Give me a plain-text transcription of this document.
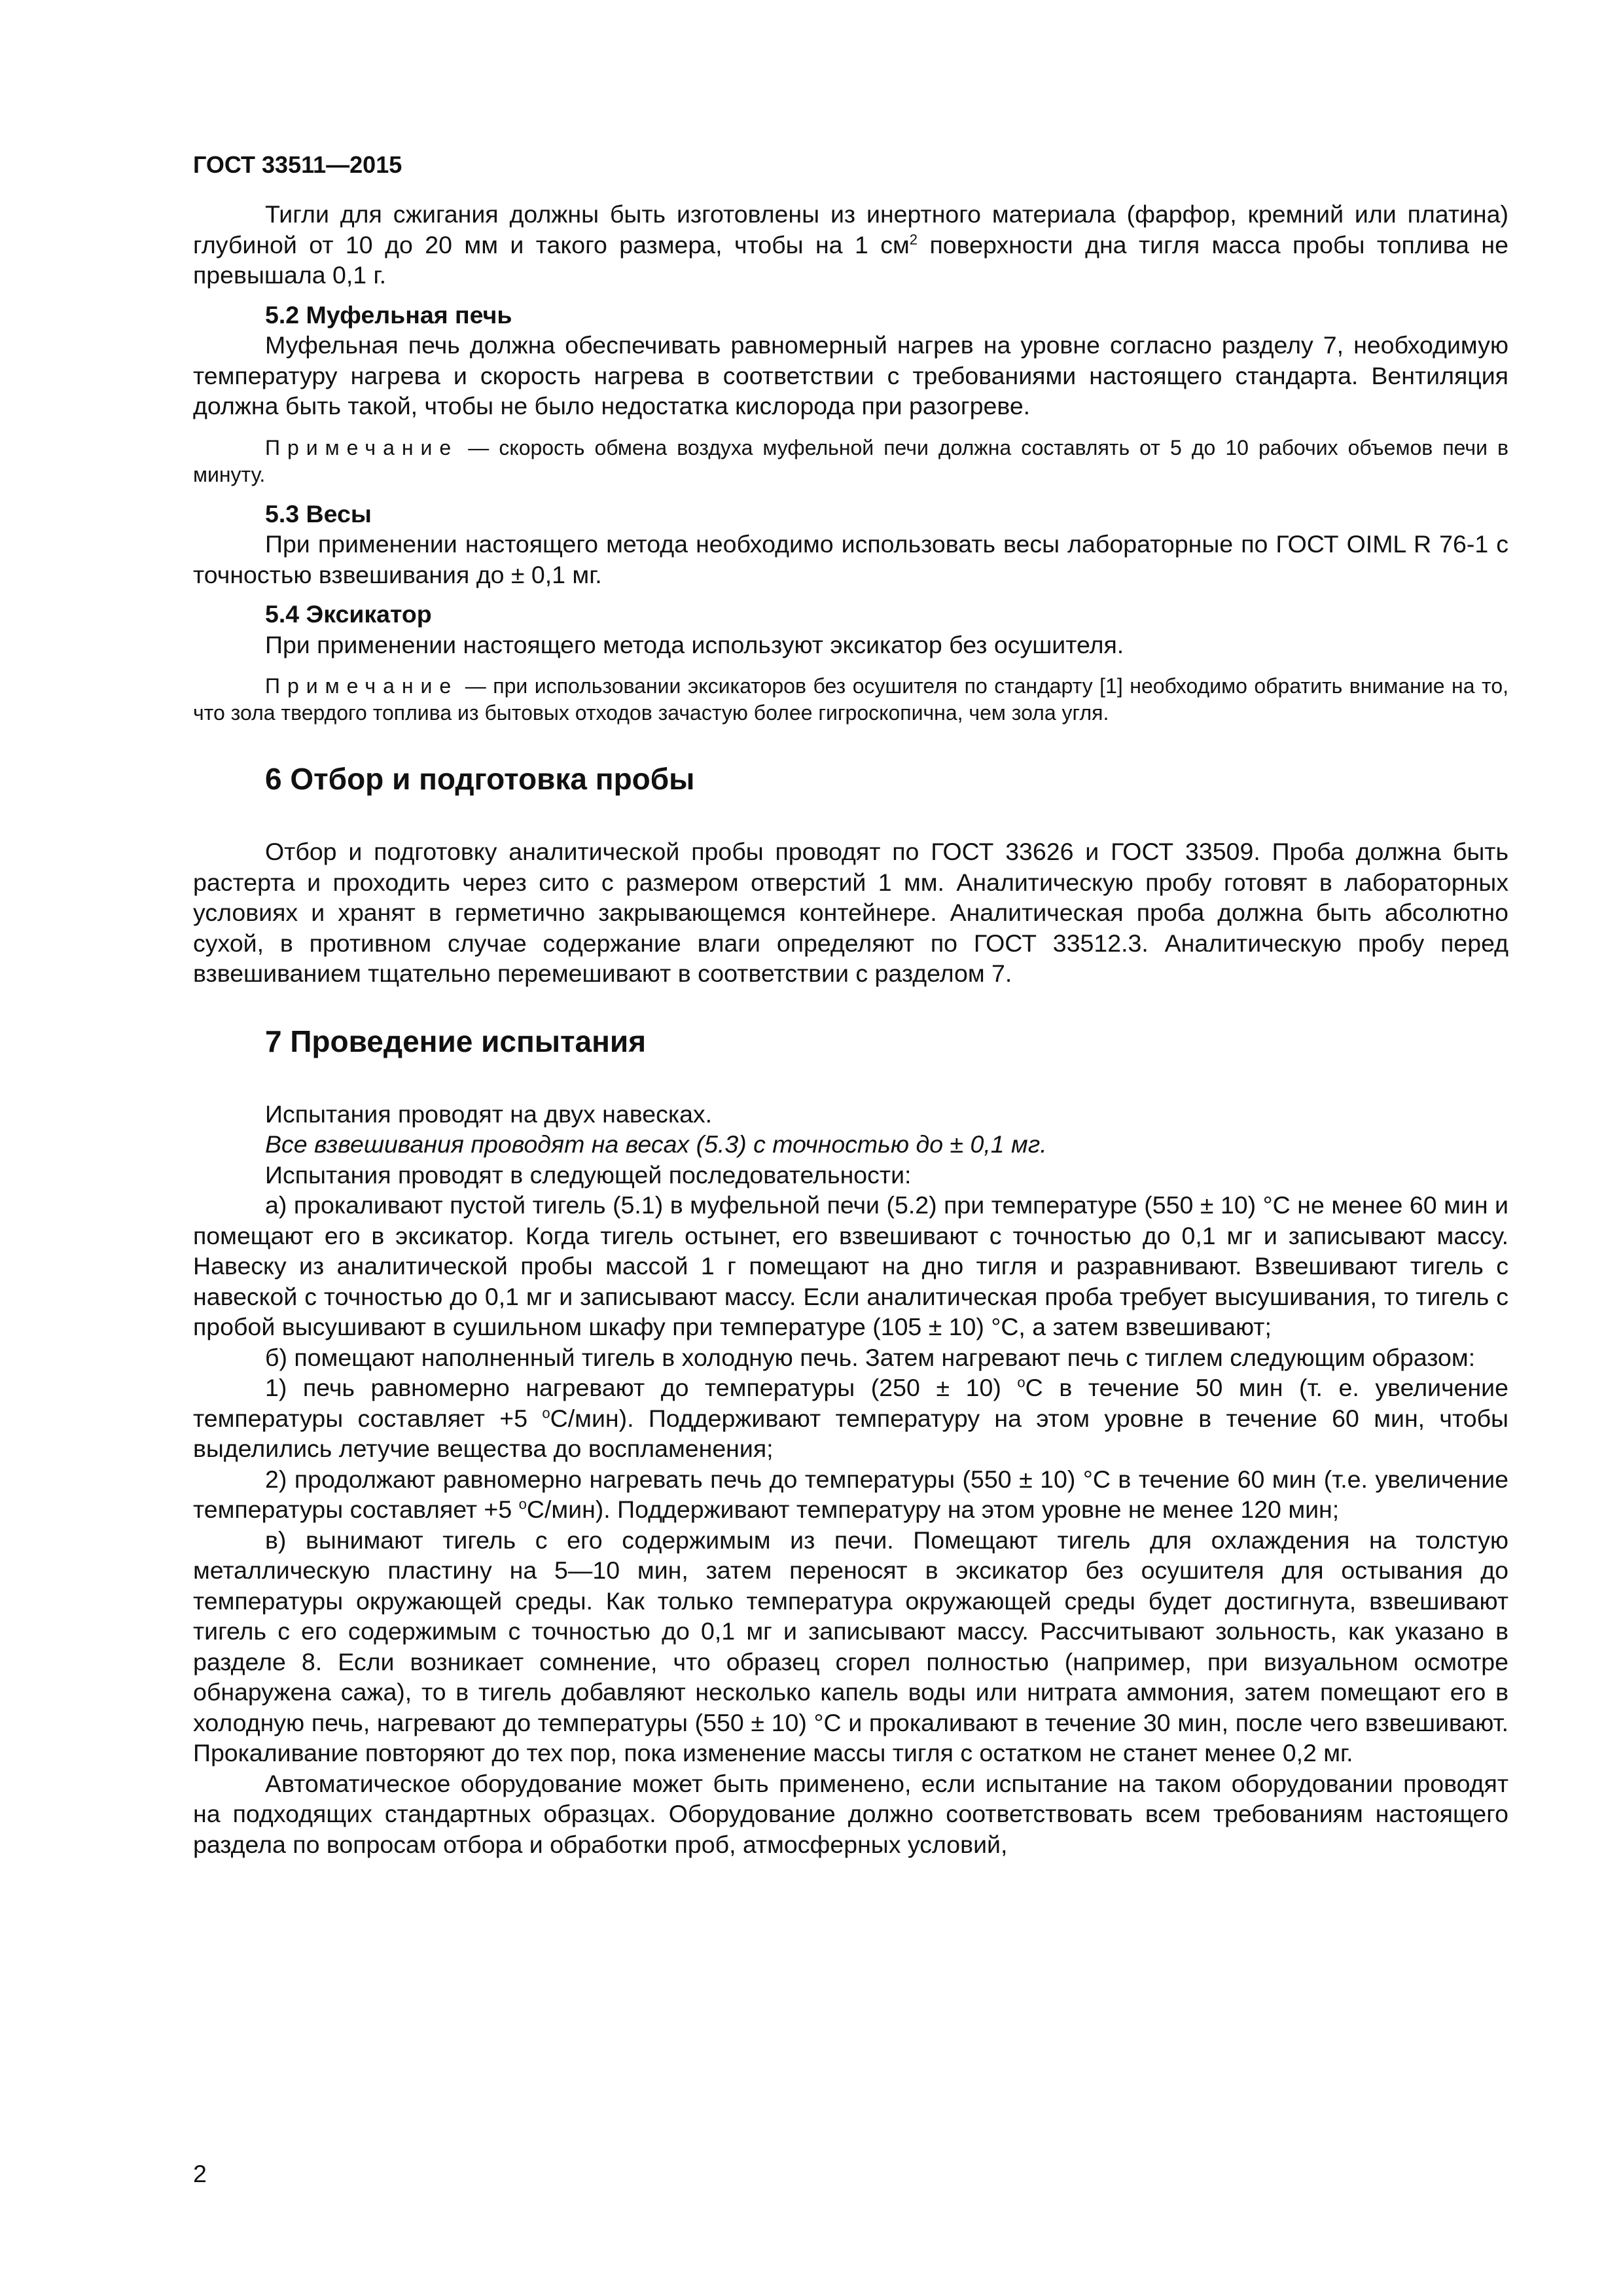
ГОСТ 33511—2015

Тигли для сжигания должны быть изготовлены из инертного материала (фарфор, кремний или платина) глубиной от 10 до 20 мм и такого размера, чтобы на 1 $см^2$ поверхности дна тигля масса пробы топлива не превышала 0,1 г.

5.2 Муфельная печь

Муфельная печь должна обеспечивать равномерный нагрев на уровне согласно разделу 7, необходимую температуру нагрева и скорость нагрева в соответствии с требованиями настоящего стандарта. Вентиляция должна быть такой, чтобы не было недостатка кислорода при разогреве.

Примечание — скорость обмена воздуха муфельной печи должна составлять от 5 до 10 рабочих объемов печи в минуту.

5.3 Весы

При применении настоящего метода необходимо использовать весы лабораторные по ГОСТ OIML R 76-1 с точностью взвешивания до ± 0,1 мг.

5.4 Эксикатор

При применении настоящего метода используют эксикатор без осушителя.

Примечание — при использовании эксикаторов без осушителя по стандарту [1] необходимо обратить внимание на то, что зола твердого топлива из бытовых отходов зачастую более гигроскопична, чем зола угля.

6 Отбор и подготовка пробы

Отбор и подготовку аналитической пробы проводят по ГОСТ 33626 и ГОСТ 33509. Проба должна быть растерта и проходить через сито с размером отверстий 1 мм. Аналитическую пробу готовят в лабораторных условиях и хранят в герметично закрывающемся контейнере. Аналитическая проба должна быть абсолютно сухой, в противном случае содержание влаги определяют по ГОСТ 33512.3. Аналитическую пробу перед взвешиванием тщательно перемешивают в соответствии с разделом 7.

7 Проведение испытания

Испытания проводят на двух навесках.

Все взвешивания проводят на весах (5.3) с точностью до ± 0,1 мг.

Испытания проводят в следующей последовательности:

а) прокаливают пустой тигель (5.1) в муфельной печи (5.2) при температуре (550 ± 10) °С не менее 60 мин и помещают его в эксикатор. Когда тигель остынет, его взвешивают с точностью до 0,1 мг и записывают массу. Навеску из аналитической пробы массой 1 г помещают на дно тигля и разравнивают. Взвешивают тигель с навеской с точностью до 0,1 мг и записывают массу. Если аналитическая проба требует высушивания, то тигель с пробой высушивают в сушильном шкафу при температуре (105 ± 10) °С, а затем взвешивают;

б) помещают наполненный тигель в холодную печь. Затем нагревают печь с тиглем следующим образом:

1) печь равномерно нагревают до температуры (250 ± 10) $^о$С в течение 50 мин (т. е. увеличение температуры составляет +5 $^о$С/мин). Поддерживают температуру на этом уровне в течение 60 мин, чтобы выделились летучие вещества до воспламенения;

2) продолжают равномерно нагревать печь до температуры (550 ± 10) °С в течение 60 мин (т.е. увеличение температуры составляет +5 $^о$С/мин). Поддерживают температуру на этом уровне не менее 120 мин;

в) вынимают тигель с его содержимым из печи. Помещают тигель для охлаждения на толстую металлическую пластину на 5—10 мин, затем переносят в эксикатор без осушителя для остывания до температуры окружающей среды. Как только температура окружающей среды будет достигнута, взвешивают тигель с его содержимым с точностью до 0,1 мг и записывают массу. Рассчитывают зольность, как указано в разделе 8. Если возникает сомнение, что образец сгорел полностью (например, при визуальном осмотре обнаружена сажа), то в тигель добавляют несколько капель воды или нитрата аммония, затем помещают его в холодную печь, нагревают до температуры (550 ± 10) °С и прокаливают в течение 30 мин, после чего взвешивают. Прокаливание повторяют до тех пор, пока изменение массы тигля с остатком не станет менее 0,2 мг.

Автоматическое оборудование может быть применено, если испытание на таком оборудовании проводят на подходящих стандартных образцах. Оборудование должно соответствовать всем требованиям настоящего раздела по вопросам отбора и обработки проб, атмосферных условий,

2
